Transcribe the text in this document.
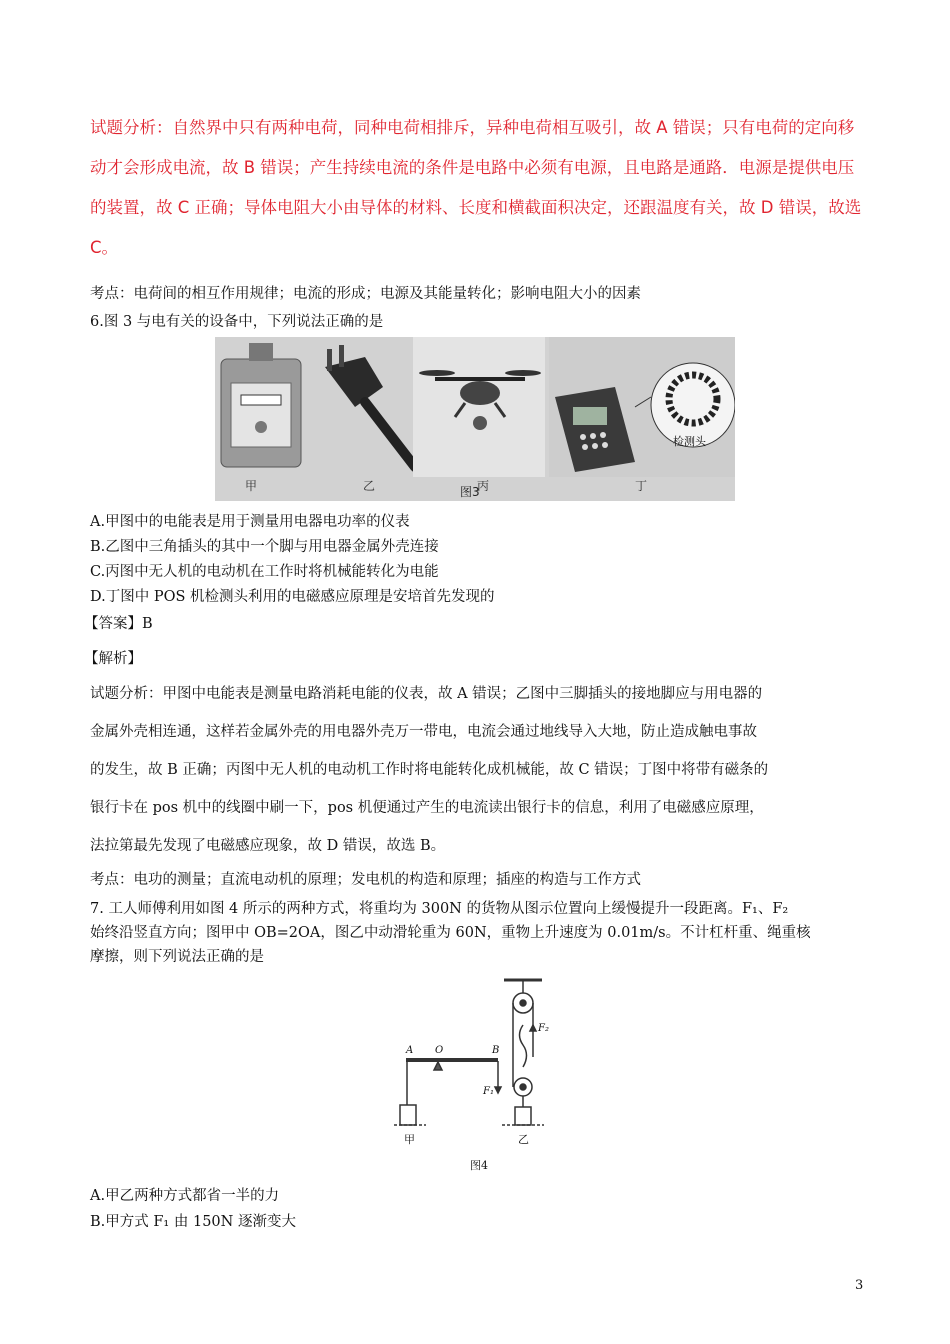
试题分析：自然界中只有两种电荷，同种电荷相排斥，异种电荷相互吸引，故 A 错误；只有电荷的定向移
动才会形成电流，故 B 错误；产生持续电流的条件是电路中必须有电源，且电路是通路．电源是提供电压
的装置，故 C 正确；导体电阻大小由导体的材料、长度和横截面积决定，还跟温度有关，故 D 错误，故选
C。
考点：电荷间的相互作用规律；电流的形成；电源及其能量转化；影响电阻大小的因素
6.图 3 与电有关的设备中，下列说法正确的是
甲	乙	丙	丁
检测头
图3
A.甲图中的电能表是用于测量用电器电功率的仪表
B.乙图中三角插头的其中一个脚与用电器金属外壳连接
C.丙图中无人机的电动机在工作时将机械能转化为电能
D.丁图中 POS 机检测头利用的电磁感应原理是安培首先发现的
【答案】B
【解析】
试题分析：甲图中电能表是测量电路消耗电能的仪表，故 A 错误；乙图中三脚插头的接地脚应与用电器的
金属外壳相连通，这样若金属外壳的用电器外壳万一带电，电流会通过地线导入大地，防止造成触电事故
的发生，故 B 正确；丙图中无人机的电动机工作时将电能转化成机械能，故 C 错误；丁图中将带有磁条的
银行卡在 pos 机中的线圈中刷一下，pos 机便通过产生的电流读出银行卡的信息，利用了电磁感应原理，
法拉第最先发现了电磁感应现象，故 D 错误，故选 B。
考点：电功的测量；直流电动机的原理；发电机的构造和原理；插座的构造与工作方式
7. 工人师傅利用如图 4 所示的两种方式，将重均为 300N 的货物从图示位置向上缓慢提升一段距离。F₁、F₂
始终沿竖直方向；图甲中 OB=2OA，图乙中动滑轮重为 60N，重物上升速度为 0.01m/s。不计杠杆重、绳重核
摩擦，则下列说法正确的是
A O	B
F₁
F₂
甲	乙
图4
A.甲乙两种方式都省一半的力
B.甲方式 F₁ 由 150N 逐渐变大
3
